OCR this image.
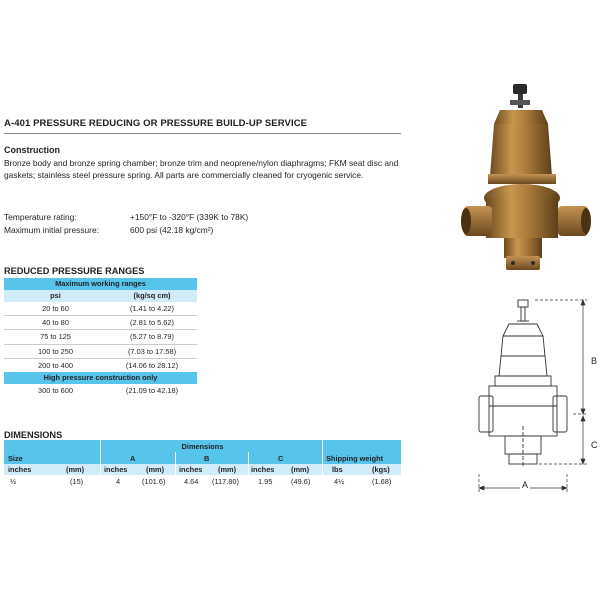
A-401 PRESSURE REDUCING OR PRESSURE BUILD-UP SERVICE
Construction
Bronze body and bronze spring chamber; bronze trim and neoprene/nylon diaphragms; FKM seat disc and gaskets; stainless steel pressure spring. All parts are commercially cleaned for cryogenic service.
Temperature rating:	+150°F to -320°F (339K to 78K)
Maximum initial pressure:	600 psi (42.18 kg/cm²)
REDUCED PRESSURE RANGES
Maximum working ranges
psi	(kg/sq cm)
20 to 60	(1.41 to 4.22)
40 to 80	(2.81 to 5.62)
75 to 125	(5.27 to 8.79)
100 to 250	(7.03 to 17.58)
200 to 400	(14.06 to 28.12)
High pressure construction only
300 to 600	(21.09 to 42.18)
DIMENSIONS
Dimensions
Size	A	B	C	Shipping weight
inches	(mm)	inches	(mm) inches (mm) inches (mm)	lbs	(kgs)
½	(15)	4	(101.6)	4.64 (117.80)	1.95	(49.6)	4½	(1.68)
B
C
A
